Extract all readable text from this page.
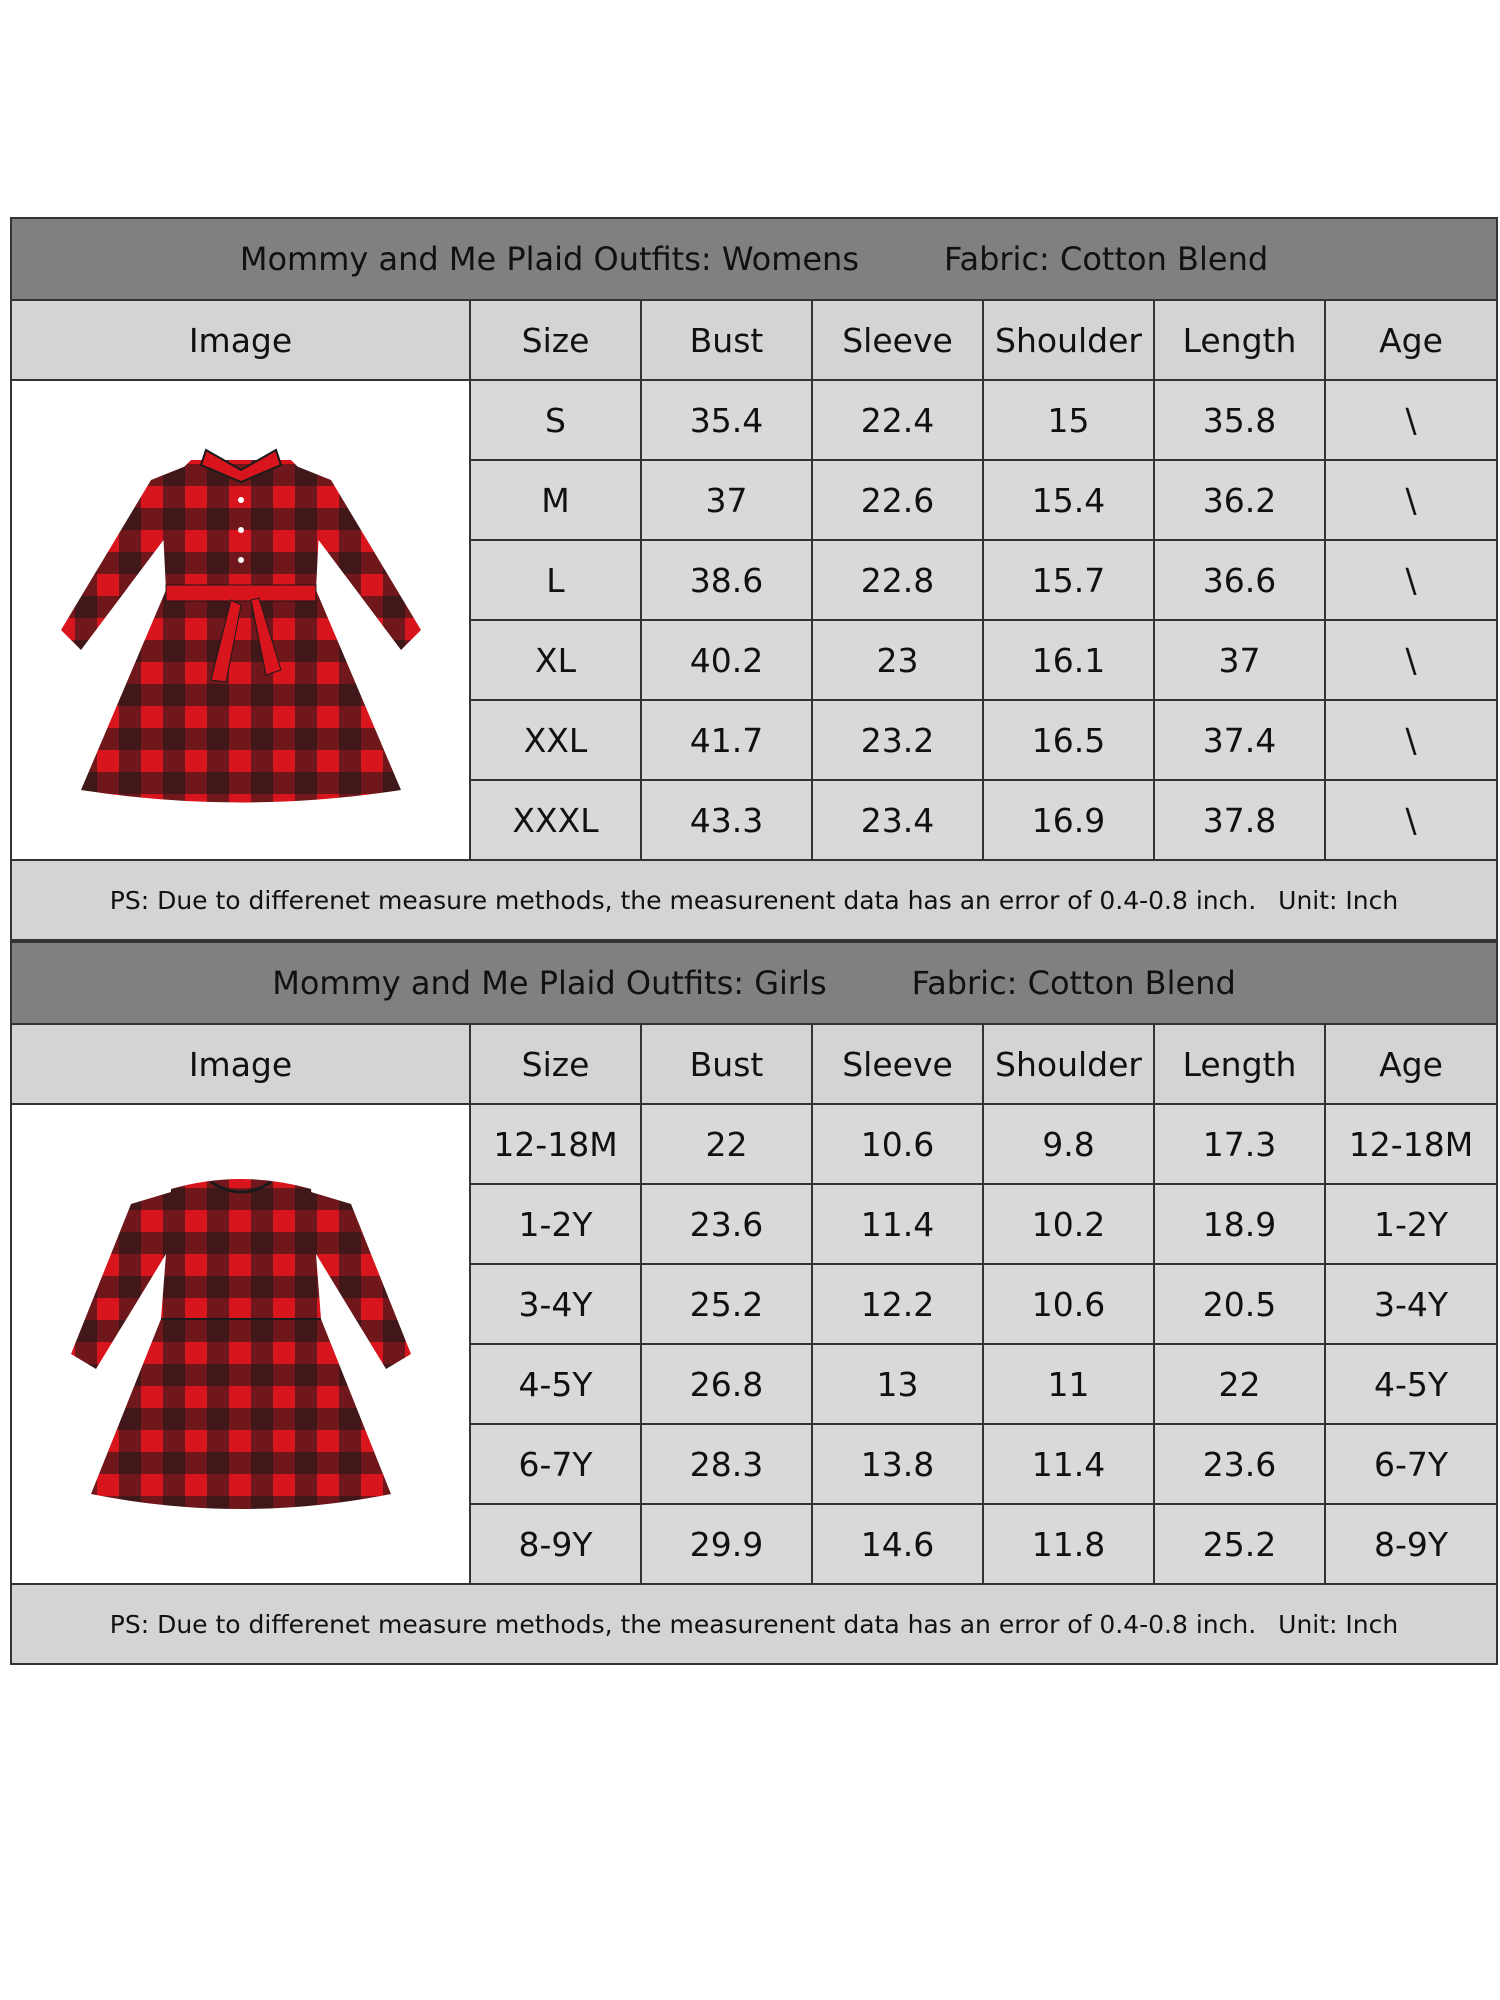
Mommy and Me Plaid Outfits: Womens Fabric: Cotton Blend						
Image	Size	Bust	Sleeve	Shoulder	Length	Age

	S	35.4	22.4	15	35.8	\
	M	37	22.6	15.4	36.2	\
	L	38.6	22.8	15.7	36.6	\
	XL	40.2	23	16.1	37	\
	XXL	41.7	23.2	16.5	37.4	\
	XXXL	43.3	23.4	16.9	37.8	\
PS: Due to differenet measure methods, the measurenent data has an error of 0.4-0.8 inch. Unit: Inch						
Mommy and Me Plaid Outfits: Girls Fabric: Cotton Blend						
Image	Size	Bust	Sleeve	Shoulder	Length	Age

	12-18M	22	10.6	9.8	17.3	12-18M
	1-2Y	23.6	11.4	10.2	18.9	1-2Y
	3-4Y	25.2	12.2	10.6	20.5	3-4Y
	4-5Y	26.8	13	11	22	4-5Y
	6-7Y	28.3	13.8	11.4	23.6	6-7Y
	8-9Y	29.9	14.6	11.8	25.2	8-9Y
PS: Due to differenet measure methods, the measurenent data has an error of 0.4-0.8 inch. Unit: Inch						
